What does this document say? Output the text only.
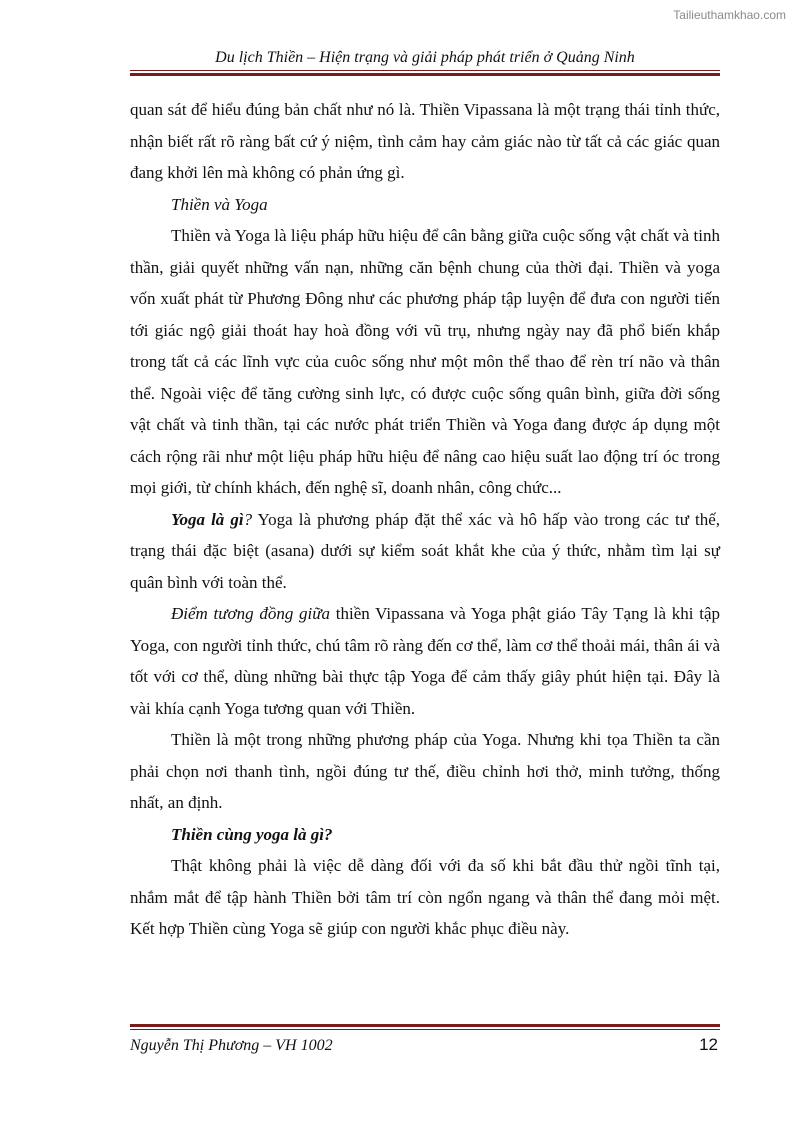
Tailieuthamkhao.com
Du lịch Thiền – Hiện trạng và giải pháp phát triển ở Quảng Ninh

quan sát để hiểu đúng bản chất như nó là. Thiền Vipassana là một trạng thái tỉnh thức, nhận biết rất rõ ràng bất cứ ý niệm, tình cảm hay cảm giác nào từ tất cả các giác quan đang khởi lên mà không có phản ứng gì.

Thiền và Yoga

Thiền và Yoga là liệu pháp hữu hiệu để cân bằng giữa cuộc sống vật chất và tinh thần, giải quyết những vấn nạn, những căn bệnh chung của thời đại. Thiền và yoga vốn xuất phát từ Phương Đông như các phương pháp tập luyện để đưa con người tiến tới giác ngộ giải thoát hay hoà đồng với vũ trụ, nhưng ngày nay đã phổ biến khắp trong tất cả các lĩnh vực của cuôc sống như một môn thể thao để rèn trí não và thân thể. Ngoài việc để tăng cường sinh lực, có được cuộc sống quân bình, giữa đời sống vật chất và tinh thần, tại các nước phát triển Thiền và Yoga đang được áp dụng một cách rộng rãi như một liệu pháp hữu hiệu để nâng cao hiệu suất lao động trí óc trong mọi giới, từ chính khách, đến nghệ sĩ, doanh nhân, công chức...

Yoga là gì? Yoga là phương pháp đặt thể xác và hô hấp vào trong các tư thế, trạng thái đặc biệt (asana) dưới sự kiểm soát khắt khe của ý thức, nhằm tìm lại sự quân bình với toàn thể.

Điểm tương đồng giữa thiền Vipassana và Yoga phật giáo Tây Tạng là khi tập Yoga, con người tỉnh thức, chú tâm rõ ràng đến cơ thể, làm cơ thể thoải mái, thân ái và tốt với cơ thể, dùng những bài thực tập Yoga để cảm thấy giây phút hiện tại. Đây là vài khía cạnh Yoga tương quan với Thiền.

Thiền là một trong những phương pháp của Yoga. Nhưng khi tọa Thiền ta cần phải chọn nơi thanh tình, ngồi đúng tư thế, điều chỉnh hơi thở, minh tưởng, thống nhất, an định.

Thiền cùng yoga là gì?

Thật không phải là việc dễ dàng đối với đa số khi bắt đầu thử ngồi tĩnh tại, nhắm mắt để tập hành Thiền bởi tâm trí còn ngổn ngang và thân thể đang mỏi mệt. Kết hợp Thiền cùng Yoga sẽ giúp con người khắc phục điều này.

Nguyễn Thị Phương – VH 1002	12
